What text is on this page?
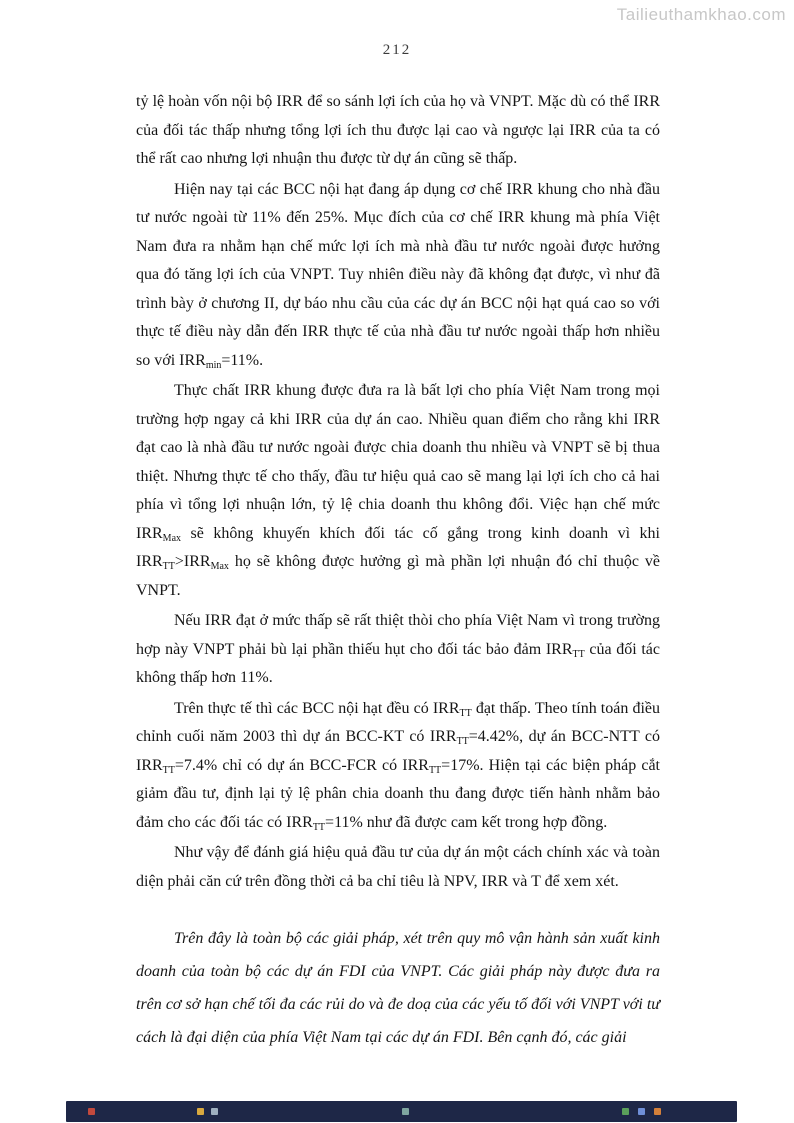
Tailieuthamkhao.com
212

tỷ lệ hoàn vốn nội bộ IRR để so sánh lợi ích của họ và VNPT. Mặc dù có thể IRR của đối tác thấp nhưng tổng lợi ích thu được lại cao và ngược lại IRR của ta có thể rất cao nhưng lợi nhuận thu được từ dự án cũng sẽ thấp.

Hiện nay tại các BCC nội hạt đang áp dụng cơ chế IRR khung cho nhà đầu tư nước ngoài từ 11% đến 25%. Mục đích của cơ chế IRR khung mà phía Việt Nam đưa ra nhằm hạn chế mức lợi ích mà nhà đầu tư nước ngoài được hưởng qua đó tăng lợi ích của VNPT. Tuy nhiên điều này đã không đạt được, vì như đã trình bày ở chương II, dự báo nhu cầu của các dự án BCC nội hạt quá cao so với thực tế điều này dẫn đến IRR thực tế của nhà đầu tư nước ngoài thấp hơn nhiều so với $IRR_{min}=11\%$.

Thực chất IRR khung được đưa ra là bất lợi cho phía Việt Nam trong mọi trường hợp ngay cả khi IRR của dự án cao. Nhiều quan điểm cho rằng khi IRR đạt cao là nhà đầu tư nước ngoài được chia doanh thu nhiều và VNPT sẽ bị thua thiệt. Nhưng thực tế cho thấy, đầu tư hiệu quả cao sẽ mang lại lợi ích cho cả hai phía vì tổng lợi nhuận lớn, tỷ lệ chia doanh thu không đổi. Việc hạn chế mức $IRR_{Max}$ sẽ không khuyến khích đối tác cố gắng trong kinh doanh vì khi $IRR_{TT}>IRR_{Max}$ họ sẽ không được hưởng gì mà phần lợi nhuận đó chỉ thuộc về VNPT.

Nếu IRR đạt ở mức thấp sẽ rất thiệt thòi cho phía Việt Nam vì trong trường hợp này VNPT phải bù lại phần thiếu hụt cho đối tác bảo đảm $IRR_{TT}$ của đối tác không thấp hơn 11%.

Trên thực tế thì các BCC nội hạt đều có $IRR_{TT}$ đạt thấp. Theo tính toán điều chỉnh cuối năm 2003 thì dự án BCC-KT có $IRR_{TT}=4.42\%$, dự án BCC-NTT có $IRR_{TT}=7.4\%$ chỉ có dự án BCC-FCR có $IRR_{TT}=17\%$. Hiện tại các biện pháp cắt giảm đầu tư, định lại tỷ lệ phân chia doanh thu đang được tiến hành nhằm bảo đảm cho các đối tác có $IRR_{TT}=11\%$ như đã được cam kết trong hợp đồng.

Như vậy để đánh giá hiệu quả đầu tư của dự án một cách chính xác và toàn diện phải căn cứ trên đồng thời cả ba chỉ tiêu là NPV, IRR và T để xem xét.

Trên đây là toàn bộ các giải pháp, xét trên quy mô vận hành sản xuất kinh doanh của toàn bộ các dự án FDI của VNPT. Các giải pháp này được đưa ra trên cơ sở hạn chế tối đa các rủi do và đe doạ của các yếu tố đối với VNPT với tư cách là đại diện của phía Việt Nam tại các dự án FDI. Bên cạnh đó, các giải
